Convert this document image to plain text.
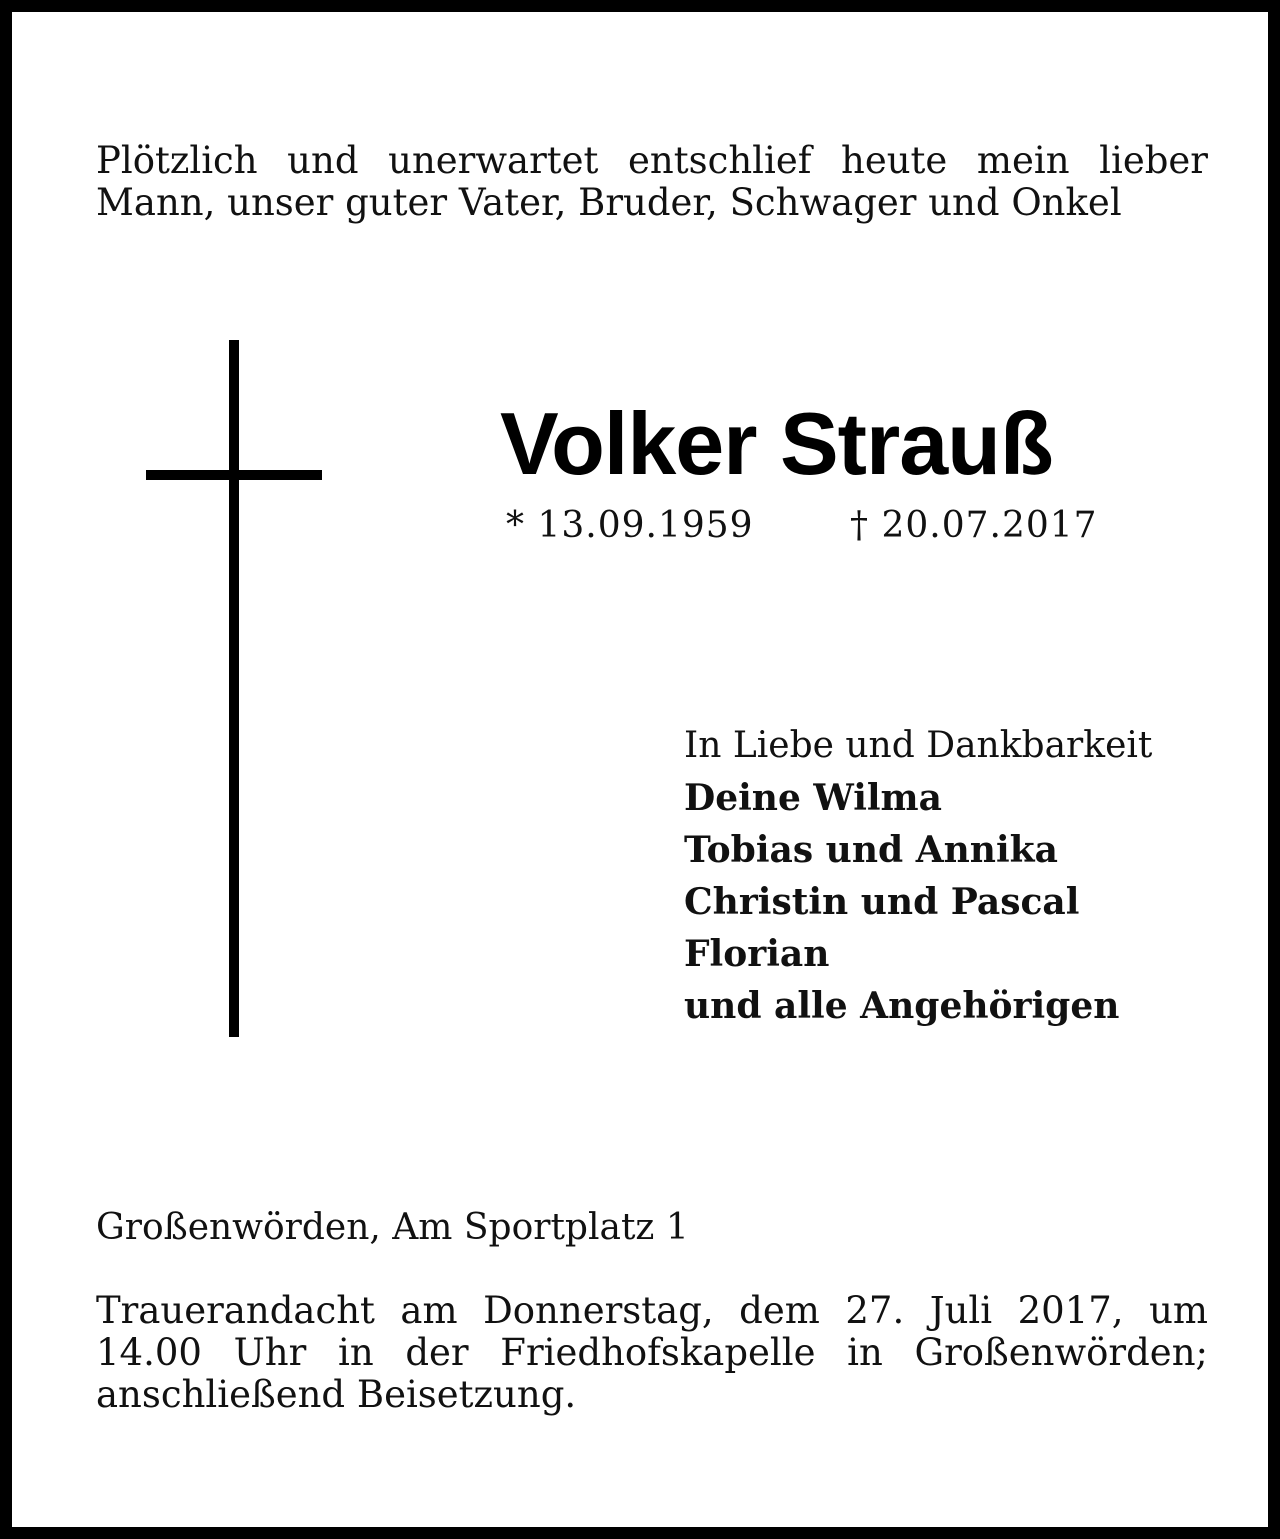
Plötzlich und unerwartet entschlief heute mein lieber
Mann, unser guter Vater, Bruder, Schwager und Onkel
Volker Strauß
* 13.09.1959	† 20.07.2017
In Liebe und Dankbarkeit
Deine Wilma
Tobias und Annika
Christin und Pascal
Florian
und alle Angehörigen
Großenwörden, Am Sportplatz 1
Trauerandacht am Donnerstag, dem 27. Juli 2017, um
14.00 Uhr in der Friedhofskapelle in Großenwörden;
anschließend Beisetzung.
